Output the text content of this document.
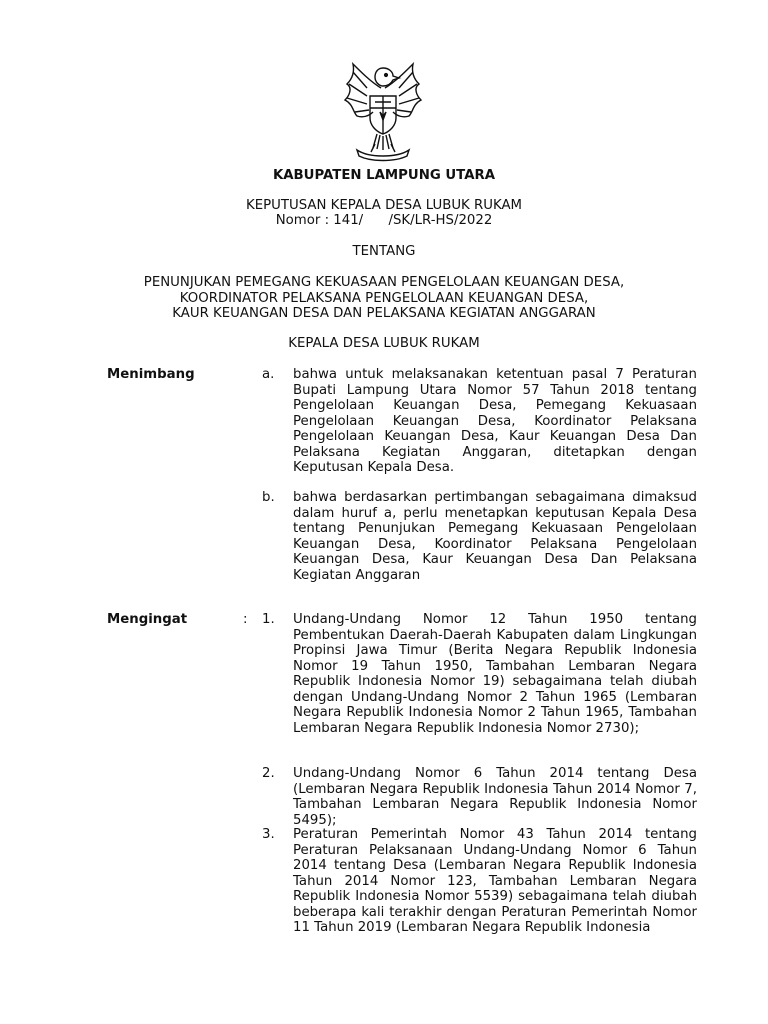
KABUPATEN LAMPUNG UTARA
KEPUTUSAN KEPALA DESA LUBUK RUKAM
Nomor : 141/      /SK/LR-HS/2022
TENTANG
PENUNJUKAN PEMEGANG KEKUASAAN PENGELOLAAN KEUANGAN DESA,
KOORDINATOR PELAKSANA PENGELOLAAN KEUANGAN DESA,
KAUR KEUANGAN DESA DAN PELAKSANA KEGIATAN ANGGARAN
KEPALA DESA LUBUK RUKAM
Menimbang	a. bahwa untuk melaksanakan ketentuan pasal 7 Peraturan Bupati Lampung Utara Nomor 57 Tahun 2018 tentang Pengelolaan Keuangan Desa, Pemegang Kekuasaan Pengelolaan Keuangan Desa, Koordinator Pelaksana Pengelolaan Keuangan Desa, Kaur Keuangan Desa Dan Pelaksana Kegiatan Anggaran, ditetapkan dengan Keputusan Kepala Desa.
b. bahwa berdasarkan pertimbangan sebagaimana dimaksud dalam huruf a, perlu menetapkan keputusan Kepala Desa tentang Penunjukan Pemegang Kekuasaan Pengelolaan Keuangan Desa, Koordinator Pelaksana Pengelolaan Keuangan Desa, Kaur Keuangan Desa Dan Pelaksana Kegiatan Anggaran
Mengingat	: 1. Undang-Undang Nomor 12 Tahun 1950 tentang Pembentukan Daerah-Daerah Kabupaten dalam Lingkungan Propinsi Jawa Timur (Berita Negara Republik Indonesia Nomor 19 Tahun 1950, Tambahan Lembaran Negara Republik Indonesia Nomor 19) sebagaimana telah diubah dengan Undang-Undang Nomor 2 Tahun 1965 (Lembaran Negara Republik Indonesia Nomor 2 Tahun 1965, Tambahan Lembaran Negara Republik Indonesia Nomor 2730);
2. Undang-Undang Nomor 6 Tahun 2014 tentang Desa (Lembaran Negara Republik Indonesia Tahun 2014 Nomor 7, Tambahan Lembaran Negara Republik Indonesia Nomor 5495);
3. Peraturan Pemerintah Nomor 43 Tahun 2014 tentang Peraturan Pelaksanaan Undang-Undang Nomor 6 Tahun 2014 tentang Desa (Lembaran Negara Republik Indonesia Tahun 2014 Nomor 123, Tambahan Lembaran Negara Republik Indonesia Nomor 5539) sebagaimana telah diubah beberapa kali terakhir dengan Peraturan Pemerintah Nomor 11 Tahun 2019 (Lembaran Negara Republik Indonesia
